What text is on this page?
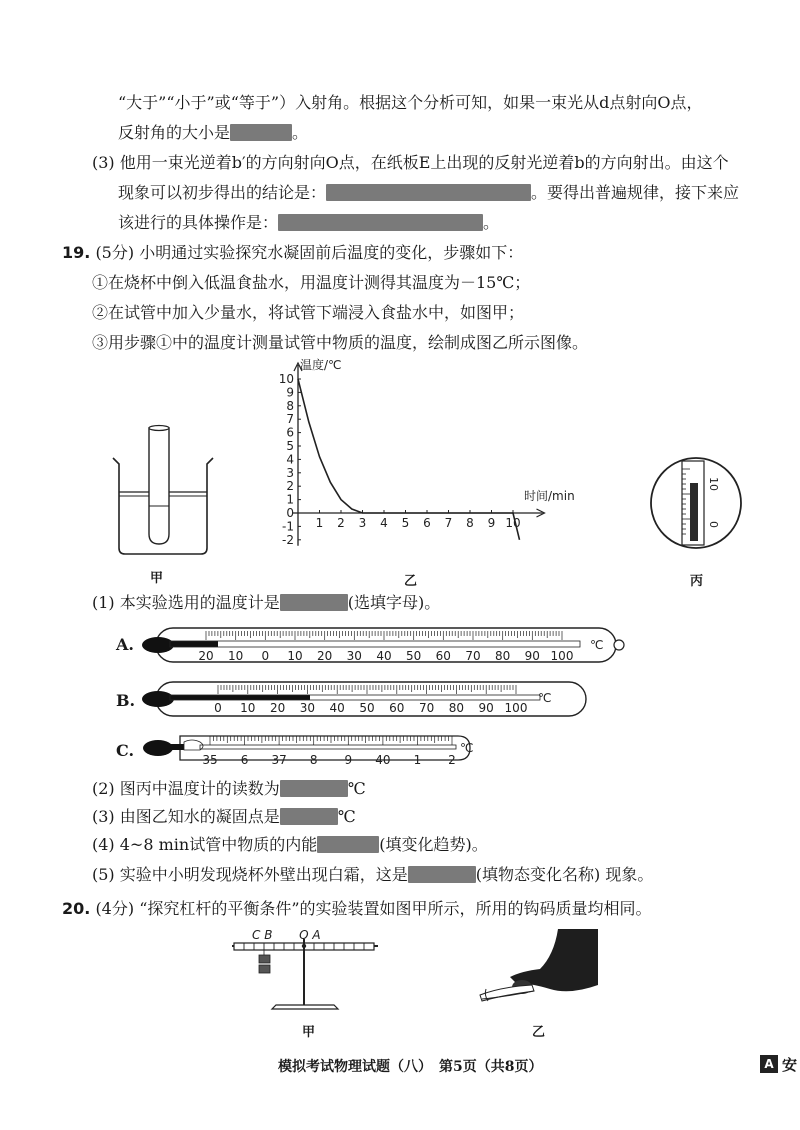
“大于”“小于”或“等于”）入射角。根据这个分析可知，如果一束光从d点射向O点，
反射角的大小是	。
(3) 他用一束光逆着b′的方向射向O点，在纸板E上出现的反射光逆着b的方向射出。由这个
现象可以初步得出的结论是：	。要得出普遍规律，接下来应
该进行的具体操作是：	。
19. (5分) 小明通过实验探究水凝固前后温度的变化，步骤如下：
①在烧杯中倒入低温食盐水，用温度计测得其温度为－15℃；
②在试管中加入少量水，将试管下端浸入食盐水中，如图甲；
③用步骤①中的温度计测量试管中物质的温度，绘制成图乙所示图像。
甲
1 2 3 4 5 6 7 8 9 10
10
9
8
7
6
5
4
3
2
1
0
-1
-2
温度/℃
时间/min
乙
10
0
丙
(1) 本实验选用的温度计是	(选填字母)。
A.
20 10 0 10 20 30 40 50 60 70 80 90 100
℃
B.	0 10 20 30 40 50 60 70 80 90 100
℃
C.	35 6 37 8 9 40 1 2
℃
(2) 图丙中温度计的读数为	℃
(3) 由图乙知水的凝固点是	℃
(4) 4~8 min试管中物质的内能	(填变化趋势)。
(5) 实验中小明发现烧杯外壁出现白霜，这是	(填物态变化名称) 现象。
20. (4分) “探究杠杆的平衡条件”的实验装置如图甲所示，所用的钩码质量均相同。
C B       O A
甲	乙
模拟考试物理试题（八）　第5页（共8页）	A 安
